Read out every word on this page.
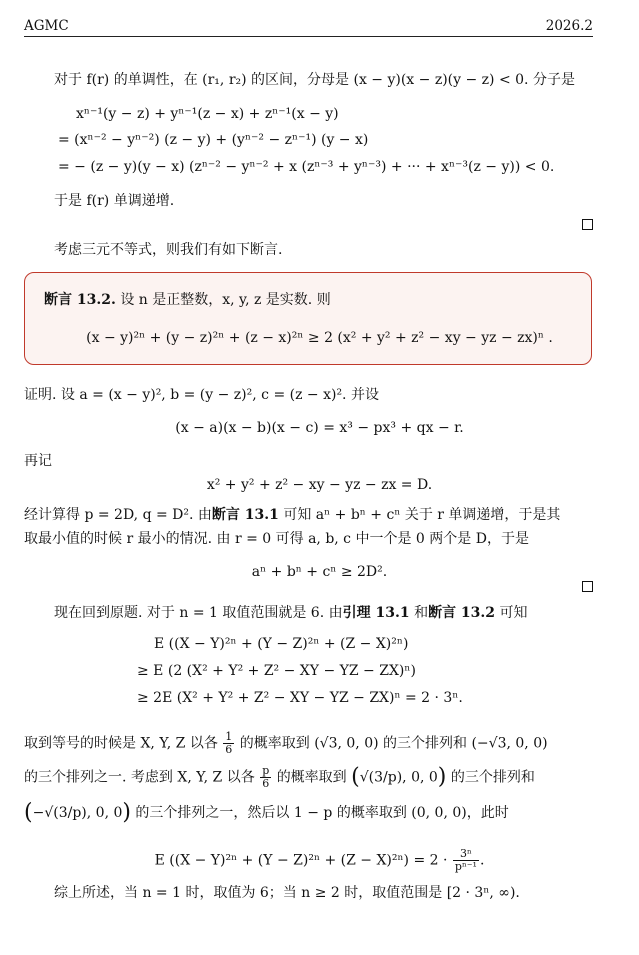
AGMC	2026.2
对于 f(r) 的单调性，在 (r₁, r₂) 的区间，分母是 (x − y)(x − z)(y − z) < 0. 分子是
xⁿ⁻¹(y − z) + yⁿ⁻¹(z − x) + zⁿ⁻¹(x − y)
= (xⁿ⁻² − yⁿ⁻²) (z − y) + (yⁿ⁻² − zⁿ⁻¹) (y − x)
= − (z − y)(y − x) (zⁿ⁻² − yⁿ⁻² + x (zⁿ⁻³ + yⁿ⁻³) + ··· + xⁿ⁻³(z − y)) < 0.
于是 f(r) 单调递增.
考虑三元不等式，则我们有如下断言.
断言 13.2. 设 n 是正整数，x, y, z 是实数. 则
(x − y)²ⁿ + (y − z)²ⁿ + (z − x)²ⁿ ≥ 2 (x² + y² + z² − xy − yz − zx)ⁿ .
证明. 设 a = (x − y)², b = (y − z)², c = (z − x)². 并设
(x − a)(x − b)(x − c) = x³ − px³ + qx − r.
再记
x² + y² + z² − xy − yz − zx = D.
经计算得 p = 2D, q = D². 由断言 13.1 可知 aⁿ + bⁿ + cⁿ 关于 r 单调递增，于是其
取最小值的时候 r 最小的情况. 由 r = 0 可得 a, b, c 中一个是 0 两个是 D，于是
aⁿ + bⁿ + cⁿ ≥ 2D².
现在回到原题. 对于 n = 1 取值范围就是 6. 由引理 13.1 和断言 13.2 可知
E ((X − Y)²ⁿ + (Y − Z)²ⁿ + (Z − X)²ⁿ)
≥ E (2 (X² + Y² + Z² − XY − YZ − ZX)ⁿ)
≥ 2E (X² + Y² + Z² − XY − YZ − ZX)ⁿ = 2 · 3ⁿ.
取到等号的时候是 X, Y, Z 以各 $\frac{1}{6}$ 的概率取到 (√3, 0, 0) 的三个排列和 (−√3, 0, 0)
的三个排列之一. 考虑到 X, Y, Z 以各 $\frac{p}{6}$ 的概率取到 (√(3/p), 0, 0) 的三个排列和
(−√(3/p), 0, 0) 的三个排列之一，然后以 1 − p 的概率取到 (0, 0, 0)，此时
E $((X - Y)^{2n} + (Y - Z)^{2n} + (Z - X)^{2n}) = 2 \cdot \frac{\text{3ⁿ}}{\text{pⁿ⁻¹}}$ .
综上所述，当 n = 1 时，取值为 6；当 n ≥ 2 时，取值范围是 [2 · 3ⁿ, ∞).
